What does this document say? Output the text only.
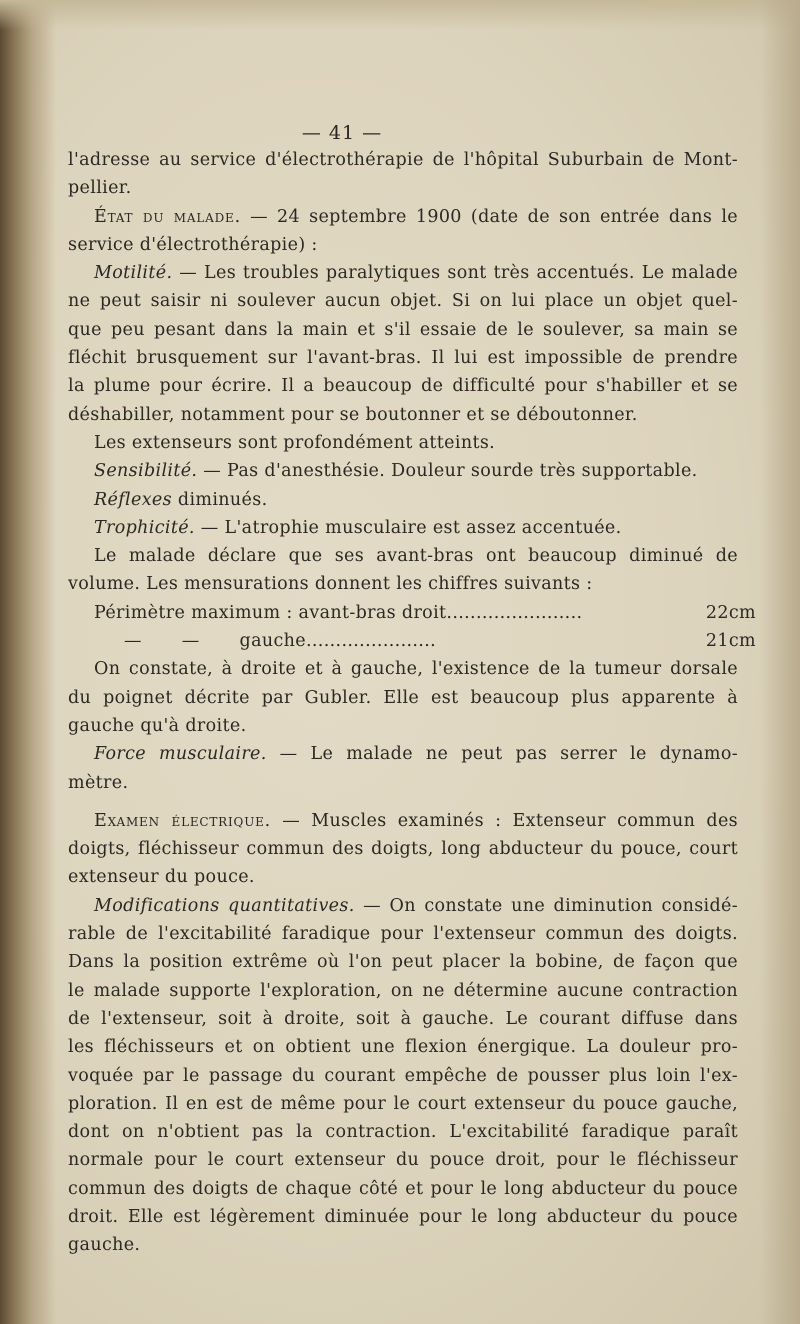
— 41 —
l'adresse au service d'électrothérapie de l'hôpital Suburbain de Mont-
pellier.
État du malade. — 24 septembre 1900 (date de son entrée dans le
service d'électrothérapie) :
Motilité. — Les troubles paralytiques sont très accentués. Le malade
ne peut saisir ni soulever aucun objet. Si on lui place un objet quel-
que peu pesant dans la main et s'il essaie de le soulever, sa main se
fléchit brusquement sur l'avant-bras. Il lui est impossible de prendre
la plume pour écrire. Il a beaucoup de difficulté pour s'habiller et se
déshabiller, notamment pour se boutonner et se déboutonner.
Les extenseurs sont profondément atteints.
Sensibilité. — Pas d'anesthésie. Douleur sourde très supportable.
Réflexes diminués.
Trophicité. — L'atrophie musculaire est assez accentuée.
Le malade déclare que ses avant-bras ont beaucoup diminué de
volume. Les mensurations donnent les chiffres suivants :
Périmètre maximum : avant-bras droit .......................	22cm
— — gauche ......................	21cm
On constate, à droite et à gauche, l'existence de la tumeur dorsale
du poignet décrite par Gubler. Elle est beaucoup plus apparente à
gauche qu'à droite.
Force musculaire. — Le malade ne peut pas serrer le dynamo-
mètre.
Examen électrique. — Muscles examinés : Extenseur commun des
doigts, fléchisseur commun des doigts, long abducteur du pouce, court
extenseur du pouce.
Modifications quantitatives. — On constate une diminution considé-
rable de l'excitabilité faradique pour l'extenseur commun des doigts.
Dans la position extrême où l'on peut placer la bobine, de façon que
le malade supporte l'exploration, on ne détermine aucune contraction
de l'extenseur, soit à droite, soit à gauche. Le courant diffuse dans
les fléchisseurs et on obtient une flexion énergique. La douleur pro-
voquée par le passage du courant empêche de pousser plus loin l'ex-
ploration. Il en est de même pour le court extenseur du pouce gauche,
dont on n'obtient pas la contraction. L'excitabilité faradique paraît
normale pour le court extenseur du pouce droit, pour le fléchisseur
commun des doigts de chaque côté et pour le long abducteur du pouce
droit. Elle est légèrement diminuée pour le long abducteur du pouce
gauche.
